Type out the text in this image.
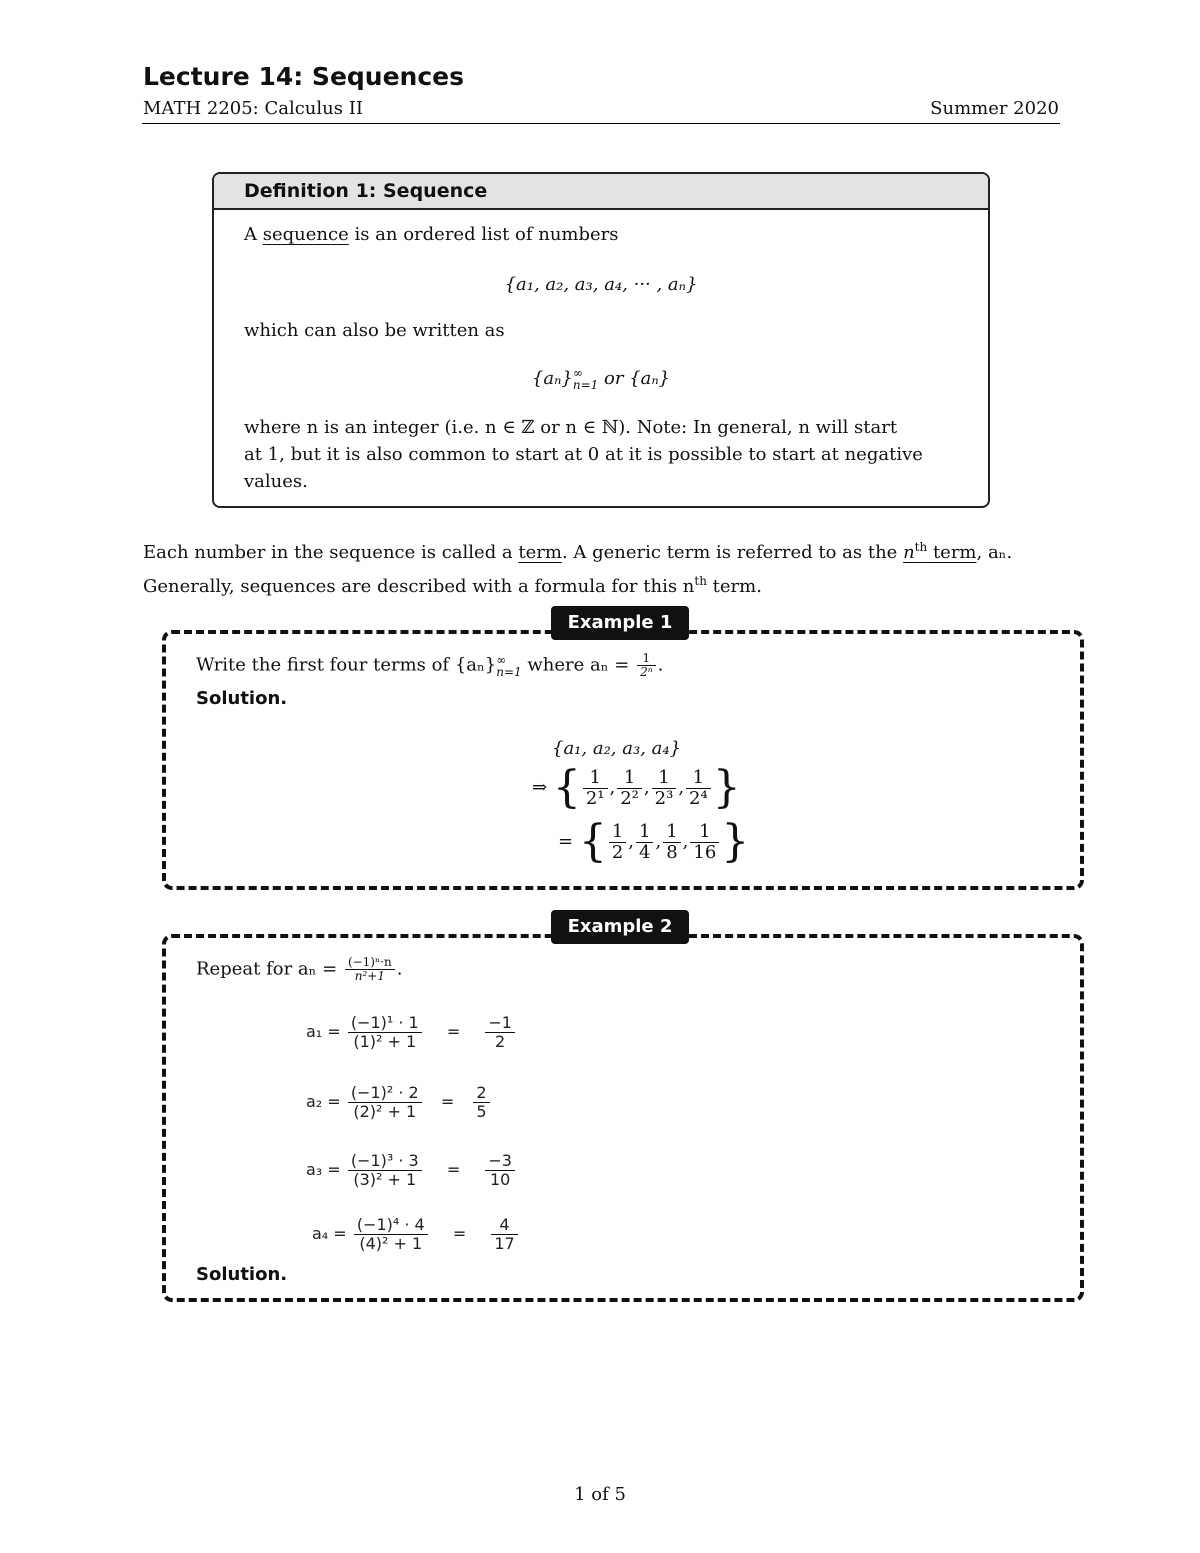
Lecture 14: Sequences
MATH 2205: Calculus II	Summer 2020
Definition 1: Sequence
A sequence is an ordered list of numbers
{a₁, a₂, a₃, a₄, ··· , aₙ}
which can also be written as
{aₙ} ∞
n=1 or {aₙ}
where n is an integer (i.e. n ∈ ℤ or n ∈ ℕ). Note: In general, n will start
at 1, but it is also common to start at 0 at it is possible to start at negative
values.
Each number in the sequence is called a term. A generic term is referred to as the $n^{th}$ term, aₙ.
Generally, sequences are described with a formula for this $n^{th}$ term.
Write the first four terms of {aₙ} ∞
n=1 where $a_n = \frac{1}{\text{2ⁿ}}$ .
Solution.
{a₁, a₂, a₃, a₄}
⇒ { $\frac{1}{\text{2¹}}$ , $\frac{1}{\text{2²}}$ , $\frac{1}{\text{2³}}$ , $\frac{1}{\text{2⁴}}$ }
= { $\frac{1}{2}$ , $\frac{1}{4}$ , $\frac{1}{8}$ , $\frac{1}{16}$ }
Example 1
Repeat for $a_n = \frac{\text{(−1)ⁿ·n}}{\text{n²+1}}$ .
$a_1 = \frac{\text{(−1)¹ · 1}}{\text{(1)² + 1}} = \frac{-1}{2}$
$a_2 = \frac{\text{(−1)² · 2}}{\text{(2)² + 1}} = \frac{2}{5}$
$a_3 = \frac{\text{(−1)³ · 3}}{\text{(3)² + 1}} = \frac{-3}{10}$
$a_4 = \frac{\text{(−1)⁴ · 4}}{\text{(4)² + 1}} = \frac{4}{17}$
Solution.
Example 2
1 of 5
